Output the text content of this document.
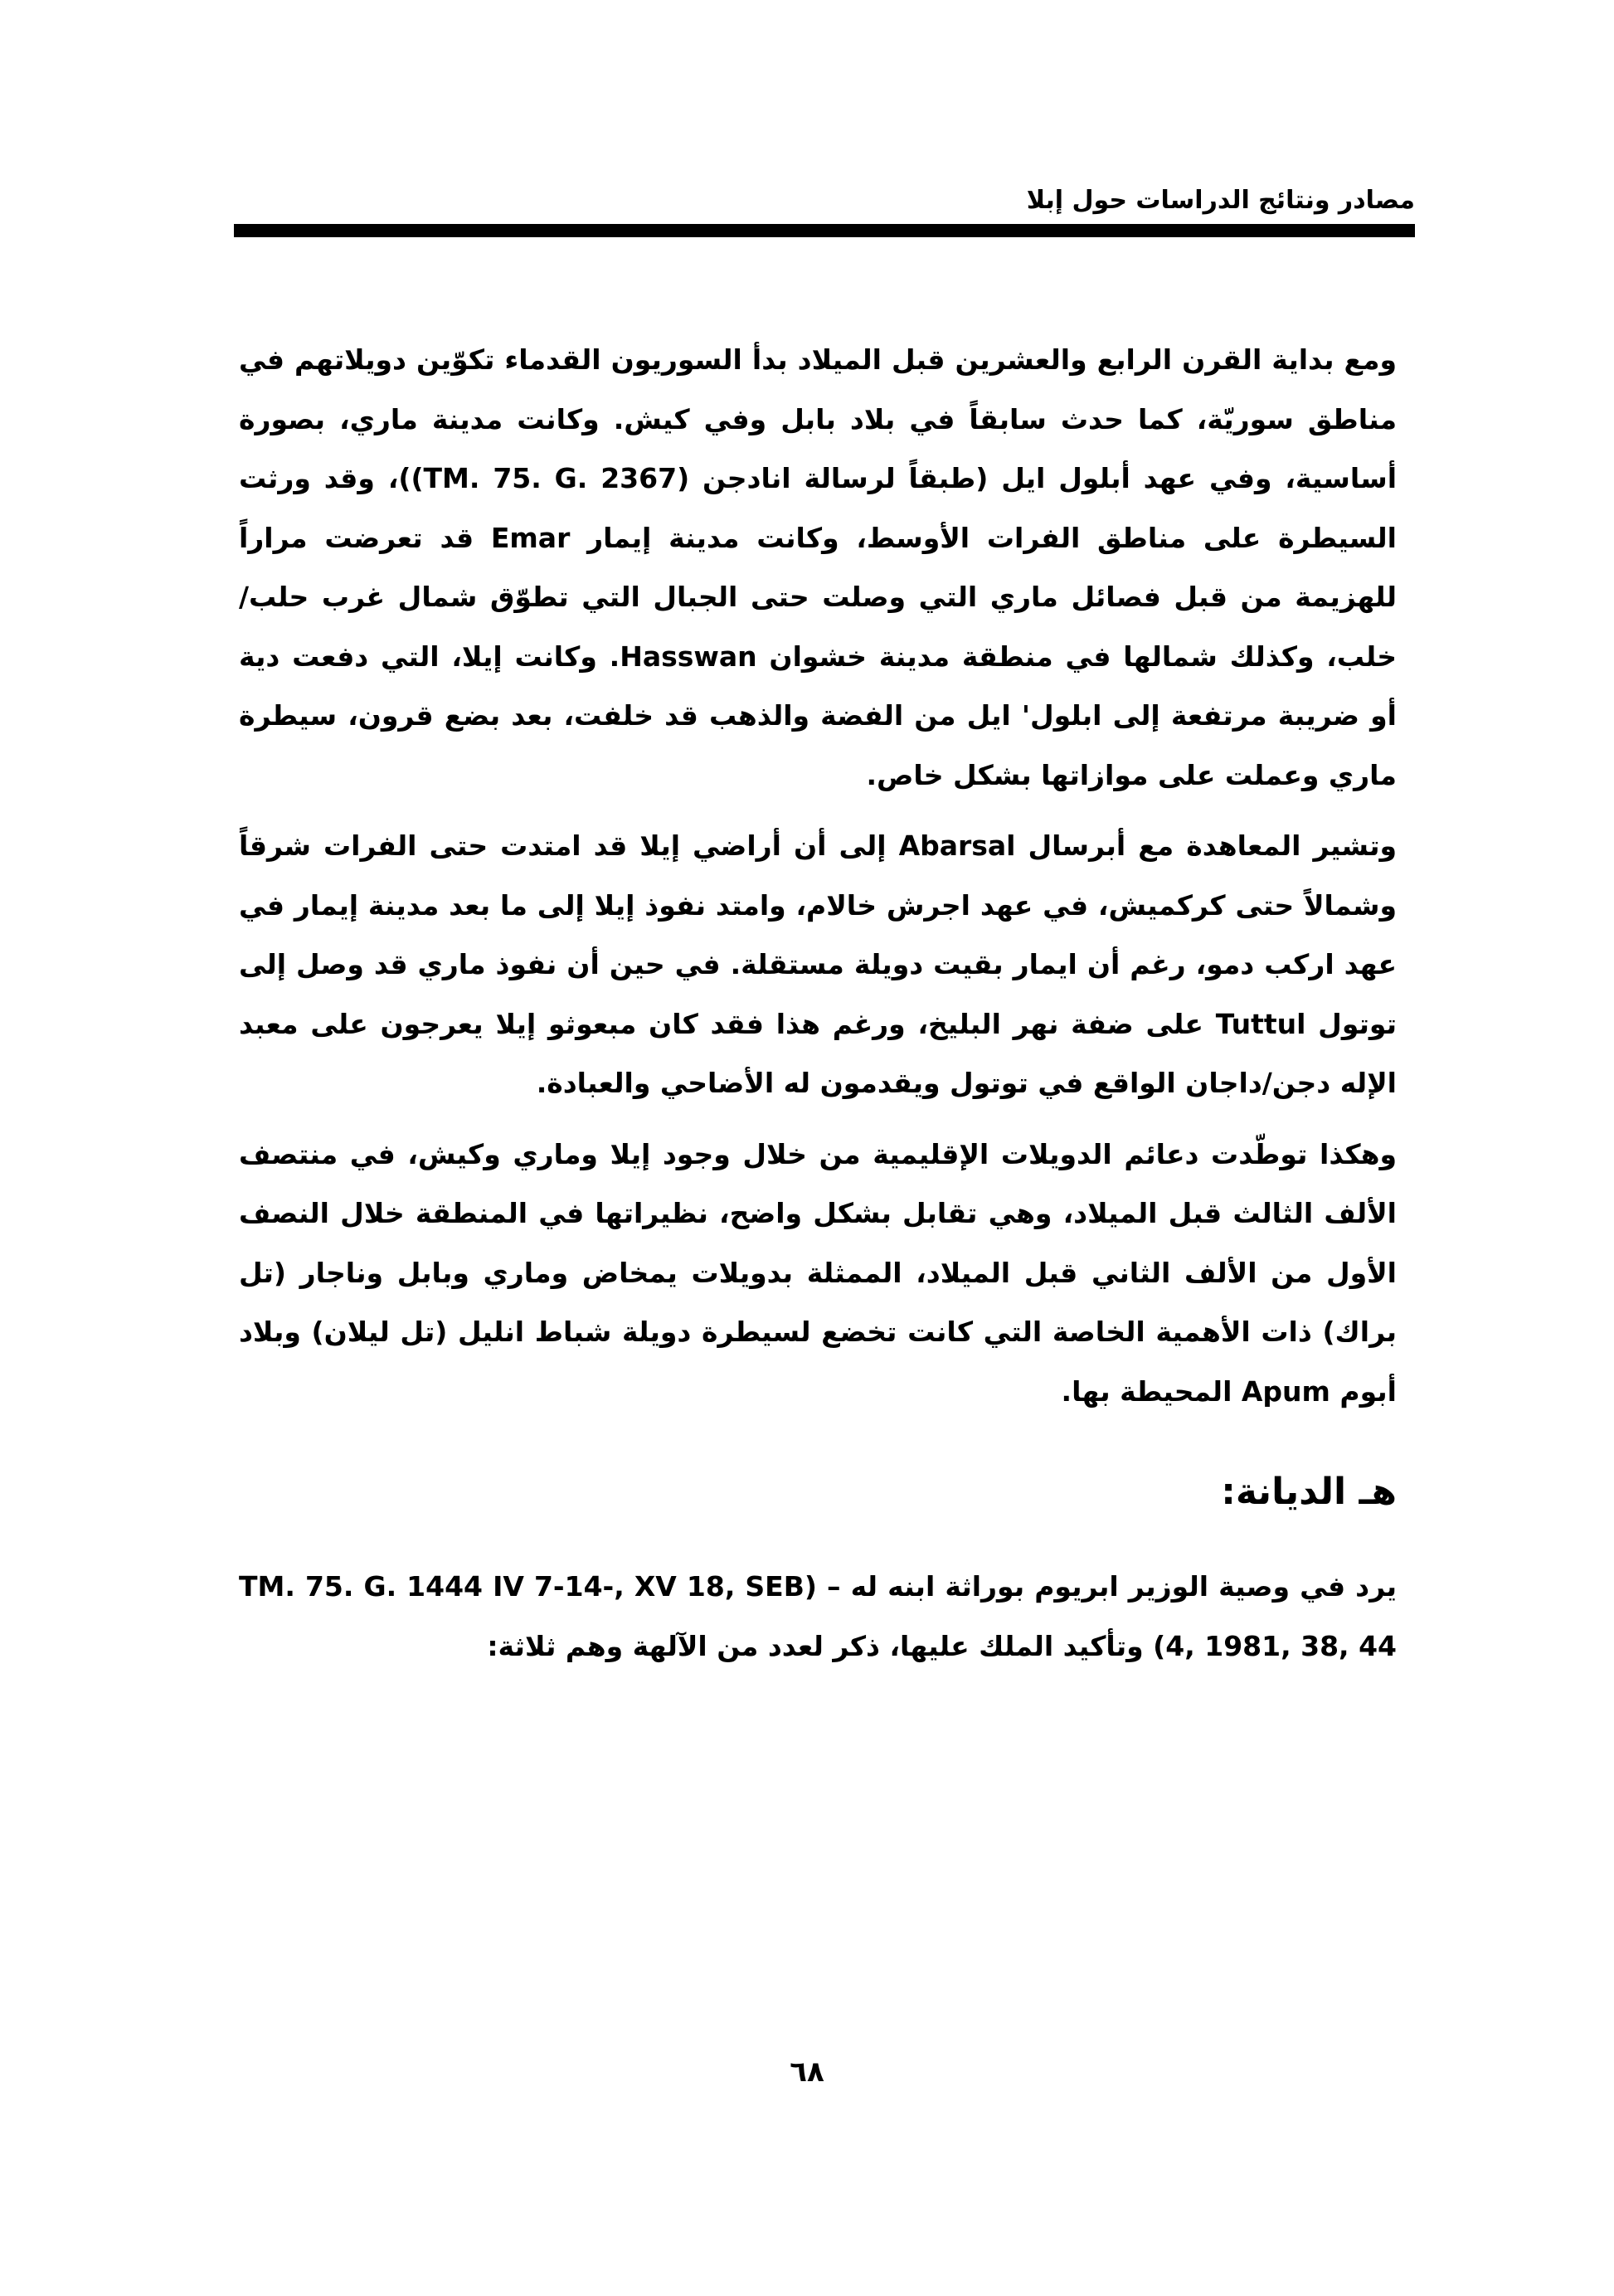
مصادر ونتائج الدراسات حول إبلا

ومع بداية القرن الرابع والعشرين قبل الميلاد بدأ السوريون القدماء تكوّين دويلاتهم في مناطق سوريّة، كما حدث سابقاً في بلاد بابل وفي كيش. وكانت مدينة ماري، بصورة أساسية، وفي عهد أبلول ايل (طبقاً لرسالة انادجن (TM. 75. G. 2367))، وقد ورثت السيطرة على مناطق الفرات الأوسط، وكانت مدينة إيمار Emar قد تعرضت مراراً للهزيمة من قبل فصائل ماري التي وصلت حتى الجبال التي تطوّق شمال غرب حلب/خلب، وكذلك شمالها في منطقة مدينة خشوان Hasswan. وكانت إيلا، التي دفعت دية أو ضريبة مرتفعة إلى ابلول' ايل من الفضة والذهب قد خلفت، بعد بضع قرون، سيطرة ماري وعملت على موازاتها بشكل خاص.

وتشير المعاهدة مع أبرسال Abarsal إلى أن أراضي إيلا قد امتدت حتى الفرات شرقاً وشمالاً حتى كركميش، في عهد اجرش خالام، وامتد نفوذ إيلا إلى ما بعد مدينة إيمار في عهد اركب دمو، رغم أن ايمار بقيت دويلة مستقلة. في حين أن نفوذ ماري قد وصل إلى توتول Tuttul على ضفة نهر البليخ، ورغم هذا فقد كان مبعوثو إيلا يعرجون على معبد الإله دجن/داجان الواقع في توتول ويقدمون له الأضاحي والعبادة.

وهكذا توطّدت دعائم الدويلات الإقليمية من خلال وجود إيلا وماري وكيش، في منتصف الألف الثالث قبل الميلاد، وهي تقابل بشكل واضح، نظيراتها في المنطقة خلال النصف الأول من الألف الثاني قبل الميلاد، الممثلة بدويلات يمخاض وماري وبابل وناجار (تل براك) ذات الأهمية الخاصة التي كانت تخضع لسيطرة دويلة شباط انليل (تل ليلان) وبلاد أبوم Apum المحيطة بها.

هـ الديانة:

يرد في وصية الوزير ابريوم بوراثة ابنه له – (TM. 75. G. 1444 IV 7-14-, XV 18, SEB 4, 1981, 38, 44) وتأكيد الملك عليها، ذكر لعدد من الآلهة وهم ثلاثة:

٦٨
